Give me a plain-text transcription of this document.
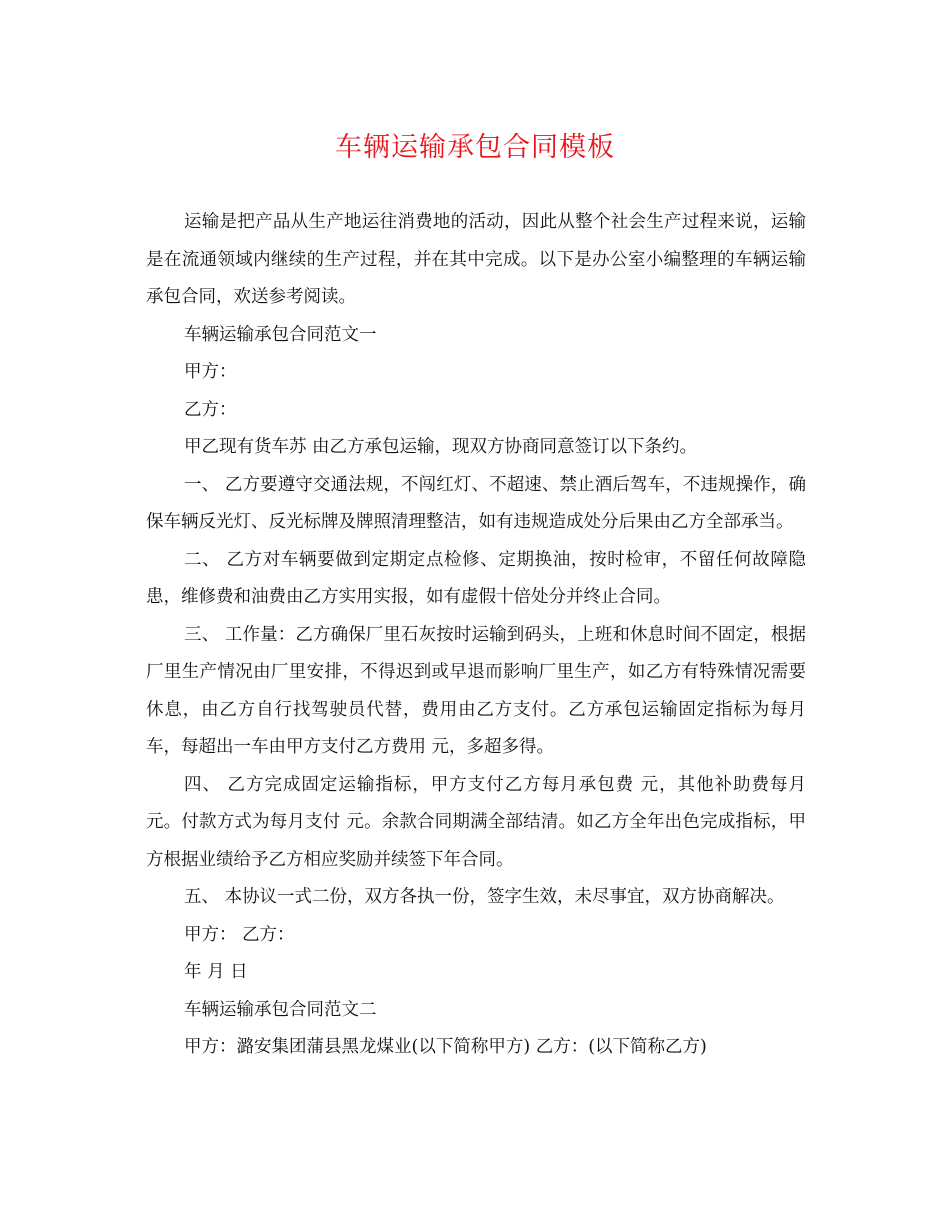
车辆运输承包合同模板

运输是把产品从生产地运往消费地的活动，因此从整个社会生产过程来说，运输是在流通领域内继续的生产过程，并在其中完成。以下是办公室小编整理的车辆运输承包合同，欢送参考阅读。

车辆运输承包合同范文一

甲方：

乙方：

甲乙现有货车苏 由乙方承包运输，现双方协商同意签订以下条约。

一、 乙方要遵守交通法规，不闯红灯、不超速、禁止酒后驾车，不违规操作，确保车辆反光灯、反光标牌及牌照清理整洁，如有违规造成处分后果由乙方全部承当。

二、 乙方对车辆要做到定期定点检修、定期换油，按时检审，不留任何故障隐患，维修费和油费由乙方实用实报，如有虚假十倍处分并终止合同。

三、 工作量：乙方确保厂里石灰按时运输到码头，上班和休息时间不固定，根据厂里生产情况由厂里安排，不得迟到或早退而影响厂里生产，如乙方有特殊情况需要休息，由乙方自行找驾驶员代替，费用由乙方支付。乙方承包运输固定指标为每月 车，每超出一车由甲方支付乙方费用 元，多超多得。

四、 乙方完成固定运输指标，甲方支付乙方每月承包费 元，其他补助费每月 元。付款方式为每月支付 元。余款合同期满全部结清。如乙方全年出色完成指标，甲方根据业绩给予乙方相应奖励并续签下年合同。

五、 本协议一式二份，双方各执一份，签字生效，未尽事宜，双方协商解决。

甲方： 乙方：

年 月 日

车辆运输承包合同范文二

甲方：潞安集团蒲县黑龙煤业(以下简称甲方) 乙方：(以下简称乙方)
